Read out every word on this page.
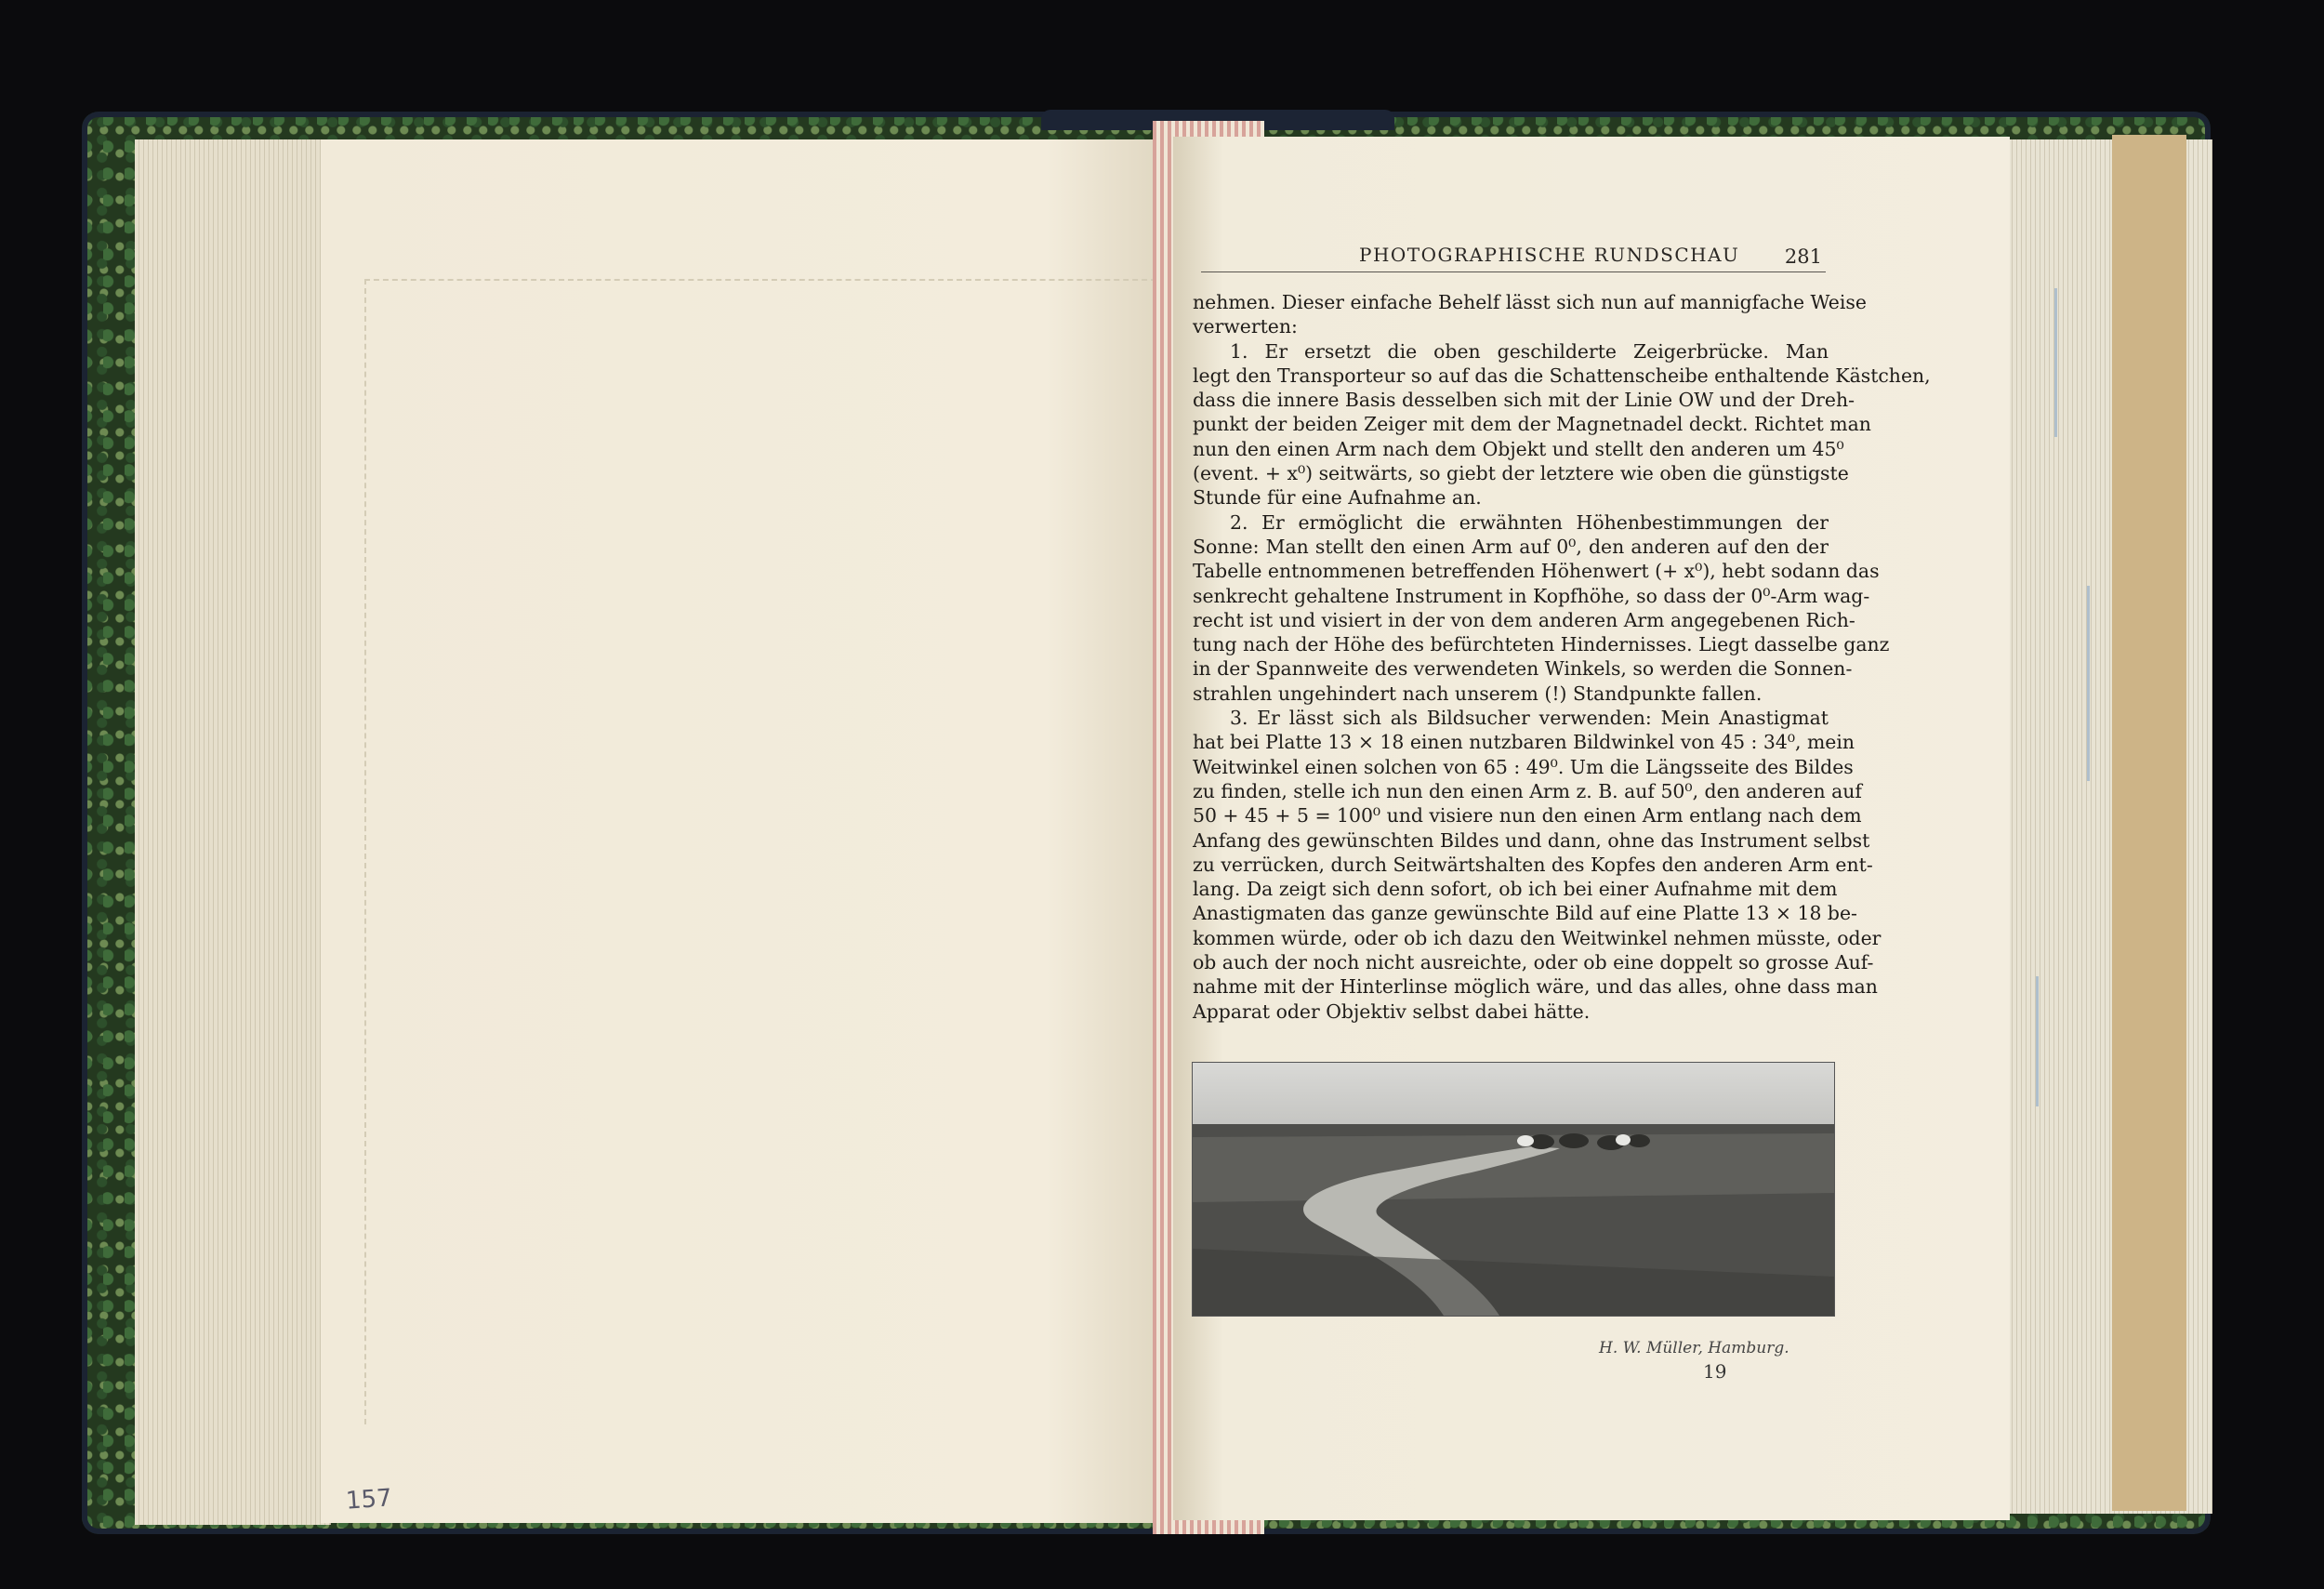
157
PHOTOGRAPHISCHE RUNDSCHAU 281
nehmen. Dieser einfache Behelf lässt sich nun auf mannigfache Weise
verwerten:
1. Er ersetzt die oben geschilderte Zeigerbrücke. Man
legt den Transporteur so auf das die Schattenscheibe enthaltende Kästchen,
dass die innere Basis desselben sich mit der Linie OW und der Dreh-
punkt der beiden Zeiger mit dem der Magnetnadel deckt. Richtet man
nun den einen Arm nach dem Objekt und stellt den anderen um 45⁰
(event. + x⁰) seitwärts, so giebt der letztere wie oben die günstigste
Stunde für eine Aufnahme an.
2. Er ermöglicht die erwähnten Höhenbestimmungen der
Sonne: Man stellt den einen Arm auf 0⁰, den anderen auf den der
Tabelle entnommenen betreffenden Höhenwert (+ x⁰), hebt sodann das
senkrecht gehaltene Instrument in Kopfhöhe, so dass der 0⁰-Arm wag-
recht ist und visiert in der von dem anderen Arm angegebenen Rich-
tung nach der Höhe des befürchteten Hindernisses. Liegt dasselbe ganz
in der Spannweite des verwendeten Winkels, so werden die Sonnen-
strahlen ungehindert nach unserem (!) Standpunkte fallen.
3. Er lässt sich als Bildsucher verwenden: Mein Anastigmat
hat bei Platte 13 × 18 einen nutzbaren Bildwinkel von 45 : 34⁰, mein
Weitwinkel einen solchen von 65 : 49⁰. Um die Längsseite des Bildes
zu finden, stelle ich nun den einen Arm z. B. auf 50⁰, den anderen auf
50 + 45 + 5 = 100⁰ und visiere nun den einen Arm entlang nach dem
Anfang des gewünschten Bildes und dann, ohne das Instrument selbst
zu verrücken, durch Seitwärtshalten des Kopfes den anderen Arm ent-
lang. Da zeigt sich denn sofort, ob ich bei einer Aufnahme mit dem
Anastigmaten das ganze gewünschte Bild auf eine Platte 13 × 18 be-
kommen würde, oder ob ich dazu den Weitwinkel nehmen müsste, oder
ob auch der noch nicht ausreichte, oder ob eine doppelt so grosse Auf-
nahme mit der Hinterlinse möglich wäre, und das alles, ohne dass man
Apparat oder Objektiv selbst dabei hätte.
H. W. Müller, Hamburg.
19
